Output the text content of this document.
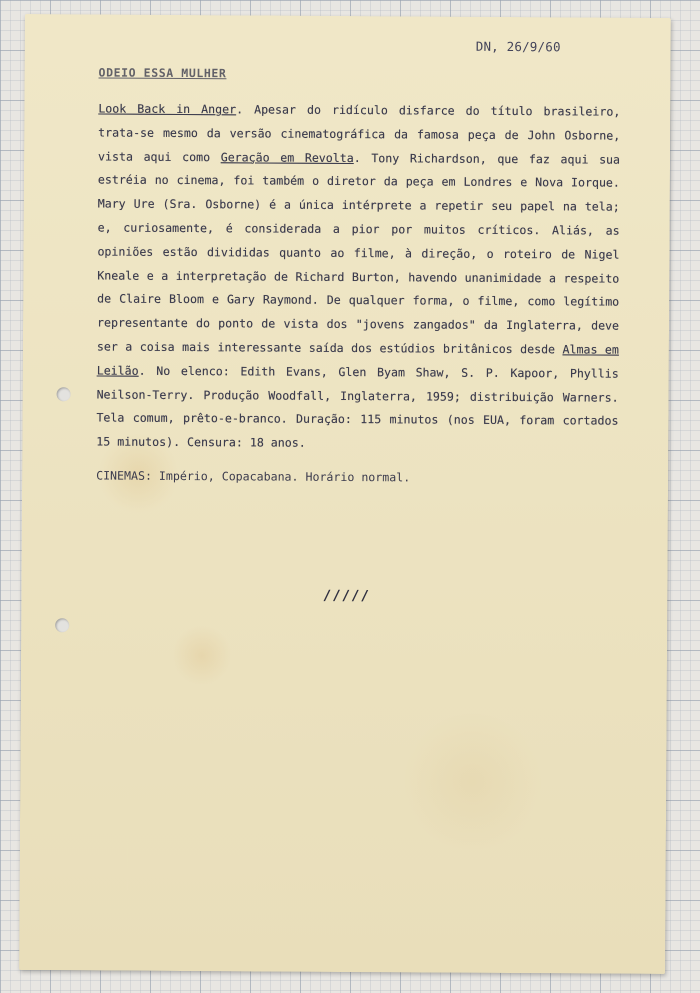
DN, 26/9/60
ODEIO ESSA MULHER

Look Back in Anger. Apesar do ridículo disfarce do título brasileiro, trata-se mesmo da versão cinematográfica da famosa peça de John Osborne, vista aqui como Geração em Revolta. Tony Richardson, que faz aqui sua estréia no cinema, foi também o diretor da peça em Londres e Nova Iorque. Mary Ure (Sra. Osborne) é a única intérprete a repetir seu papel na tela; e, curiosamente, é considerada a pior por muitos críticos. Aliás, as opiniões estão divididas quanto ao filme, à direção, o roteiro de Nigel Kneale e a interpretação de Richard Burton, havendo unanimidade a respeito de Claire Bloom e Gary Raymond. De qualquer forma, o filme, como legítimo representante do ponto de vista dos "jovens zangados" da Inglaterra, deve ser a coisa mais interessante saída dos estúdios britânicos desde Almas em Leilão. No elenco: Edith Evans, Glen Byam Shaw, S. P. Kapoor, Phyllis Neilson-Terry. Produção Woodfall, Inglaterra, 1959; distribuição Warners. Tela comum, prêto-e-branco. Duração: 115 minutos (nos EUA, foram cortados 15 minutos). Censura: 18 anos.

CINEMAS: Império, Copacabana. Horário normal.

/////
